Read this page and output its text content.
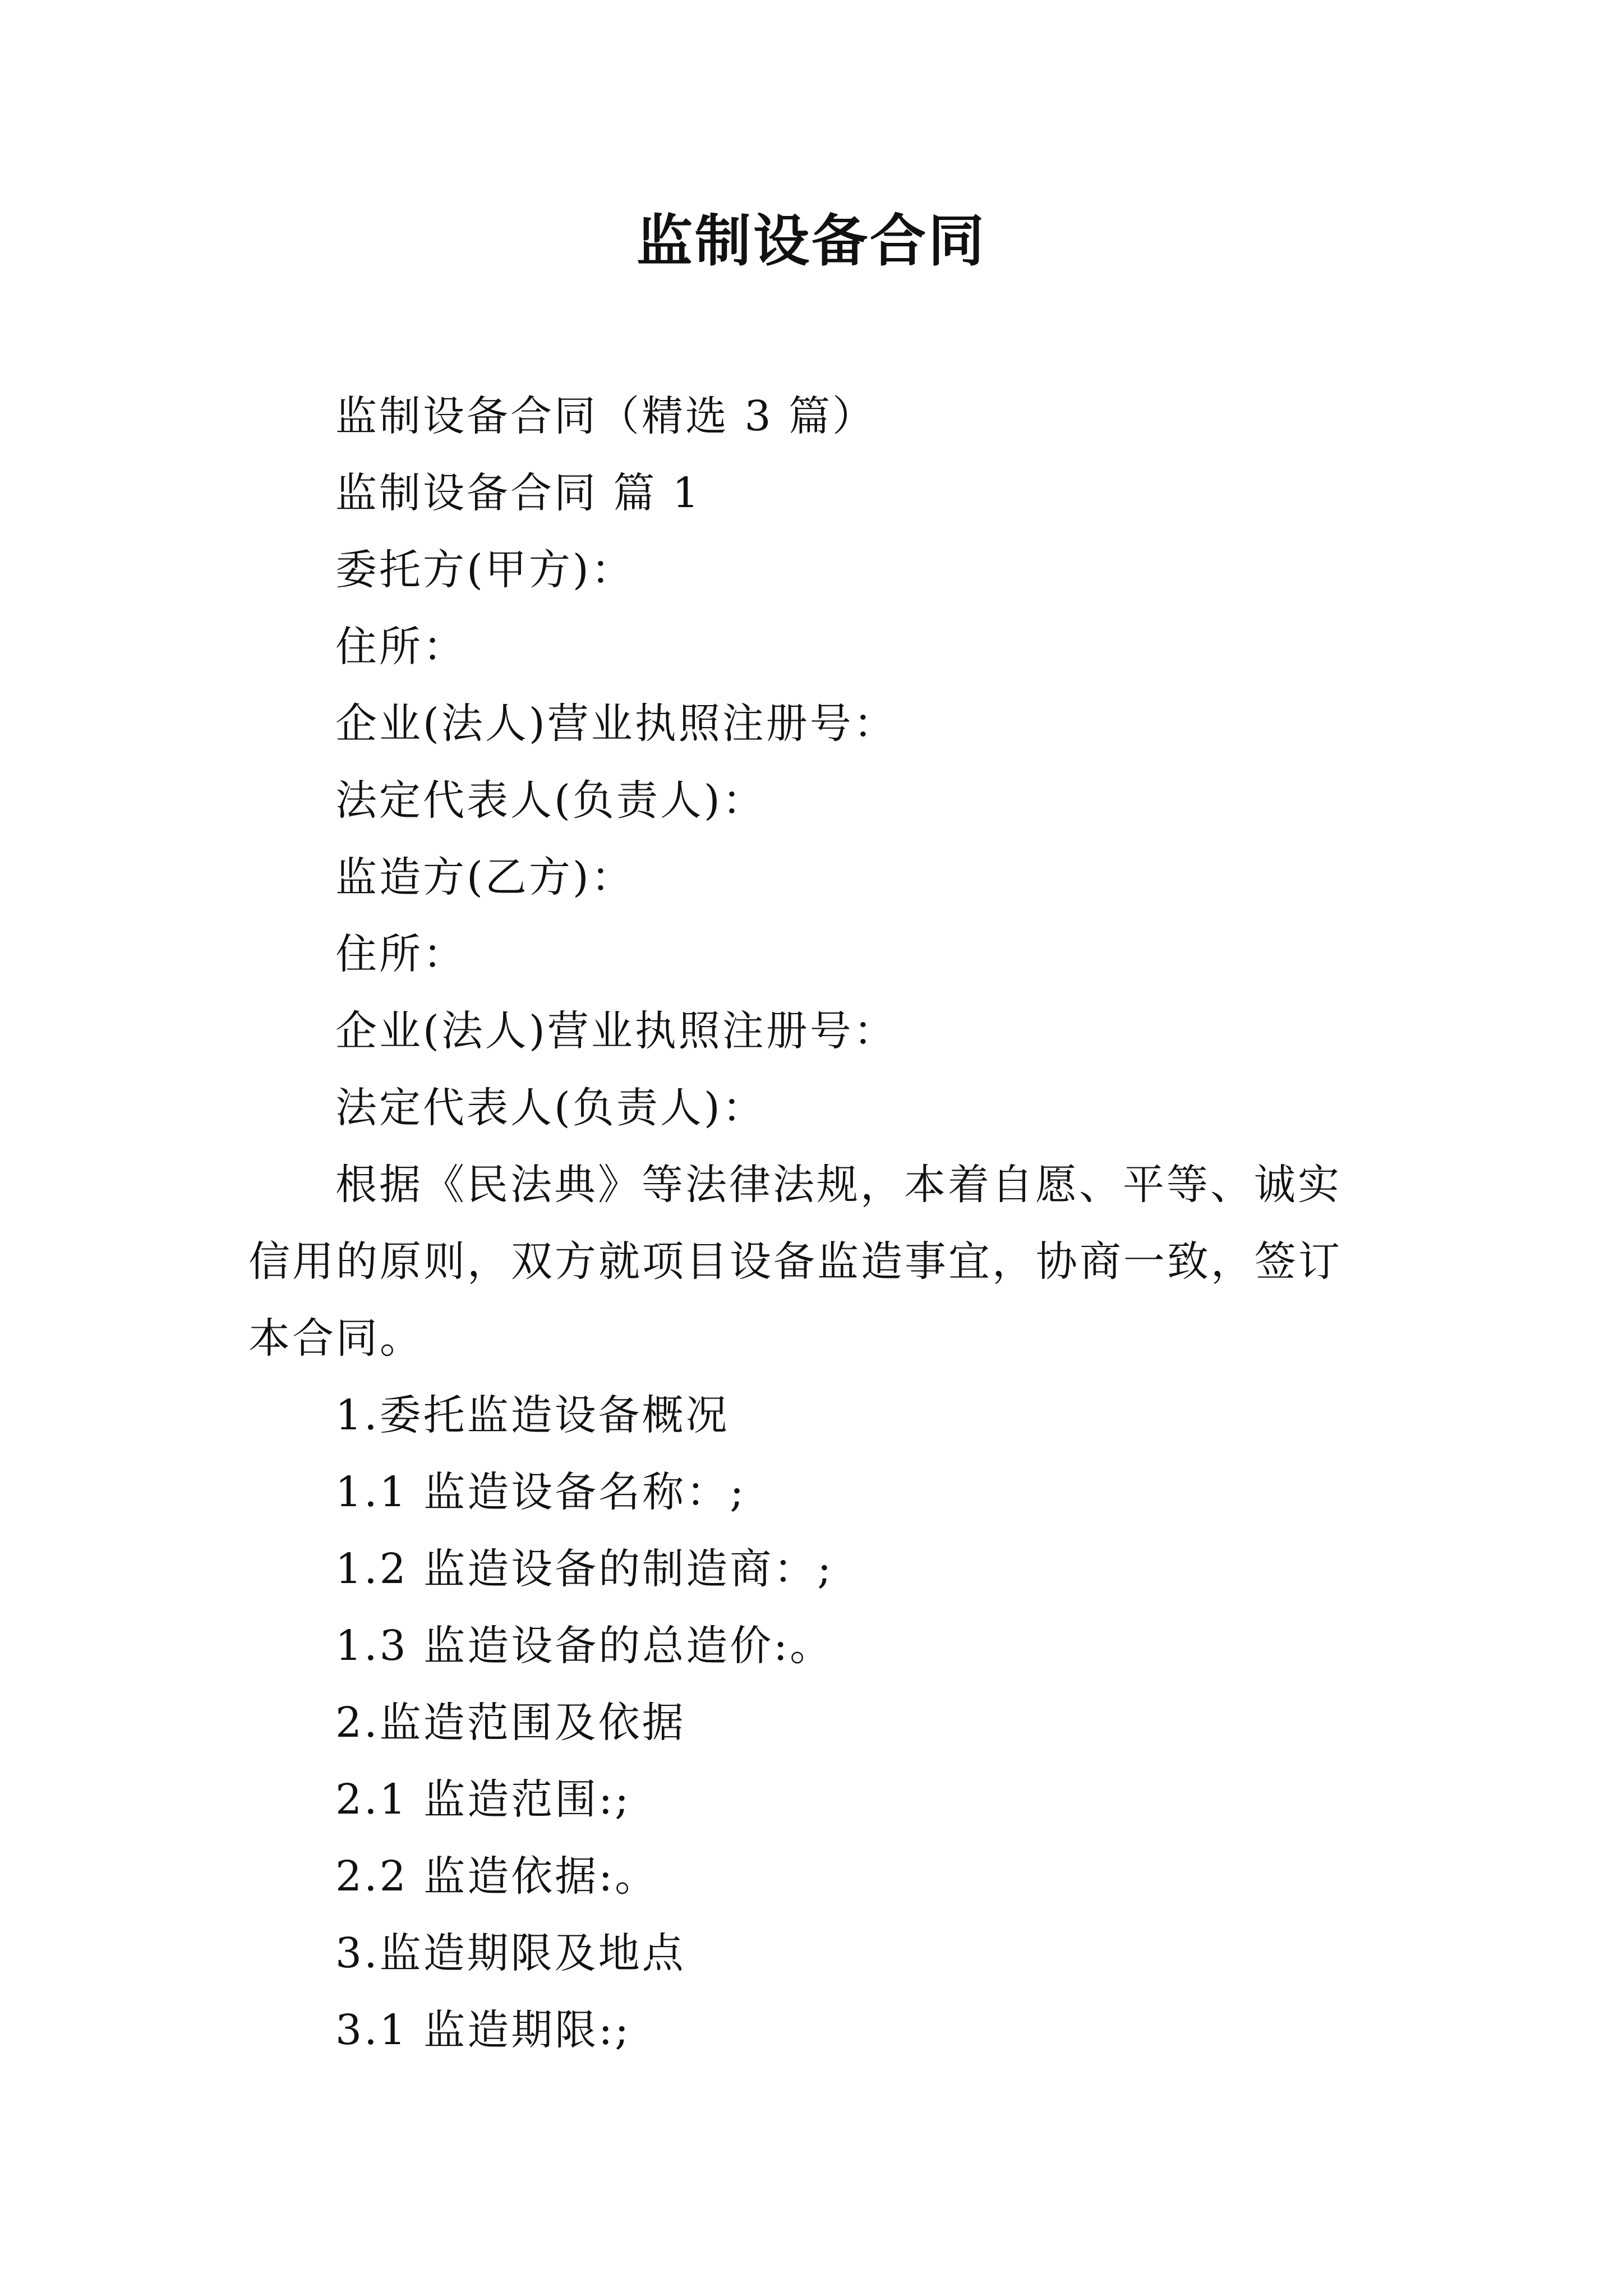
监制设备合同
监制设备合同（精选 3 篇）
监制设备合同 篇 1
委托方(甲方)：
住所：
企业(法人)营业执照注册号：
法定代表人(负责人)：
监造方(乙方)：
住所：
企业(法人)营业执照注册号：
法定代表人(负责人)：
根据《民法典》等法律法规，本着自愿、平等、诚实信用的原则，双方就项目设备监造事宜，协商一致，签订本合同。
1.委托监造设备概况
1.1 监造设备名称：;
1.2 监造设备的制造商：;
1.3 监造设备的总造价:。
2.监造范围及依据
2.1 监造范围:;
2.2 监造依据:。
3.监造期限及地点
3.1 监造期限:;
